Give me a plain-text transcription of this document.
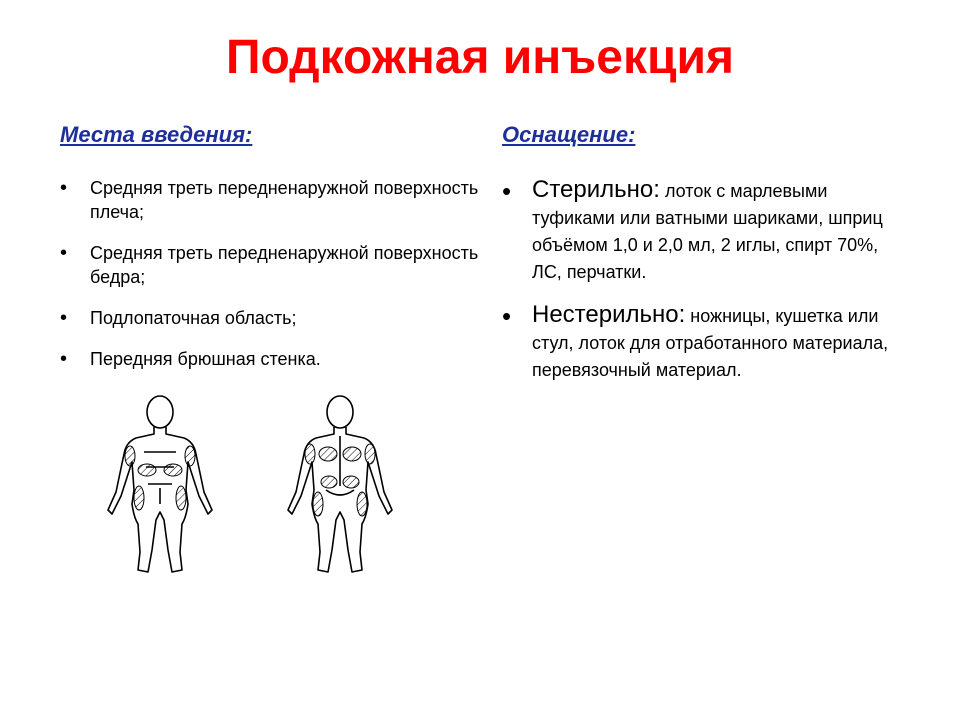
Подкожная инъекция
Места введения:
• Средняя треть передненаружной поверхность плеча;
• Средняя треть передненаружной поверхность бедра;
• Подлопаточная область;
• Передняя брюшная стенка.
Оснащение:
• Стерильно: лоток с марлевыми туфиками или ватными шариками, шприц объёмом 1,0 и 2,0 мл, 2 иглы, спирт 70%, ЛС, перчатки.
• Нестерильно: ножницы, кушетка или стул, лоток для отработанного материала, перевязочный материал.
